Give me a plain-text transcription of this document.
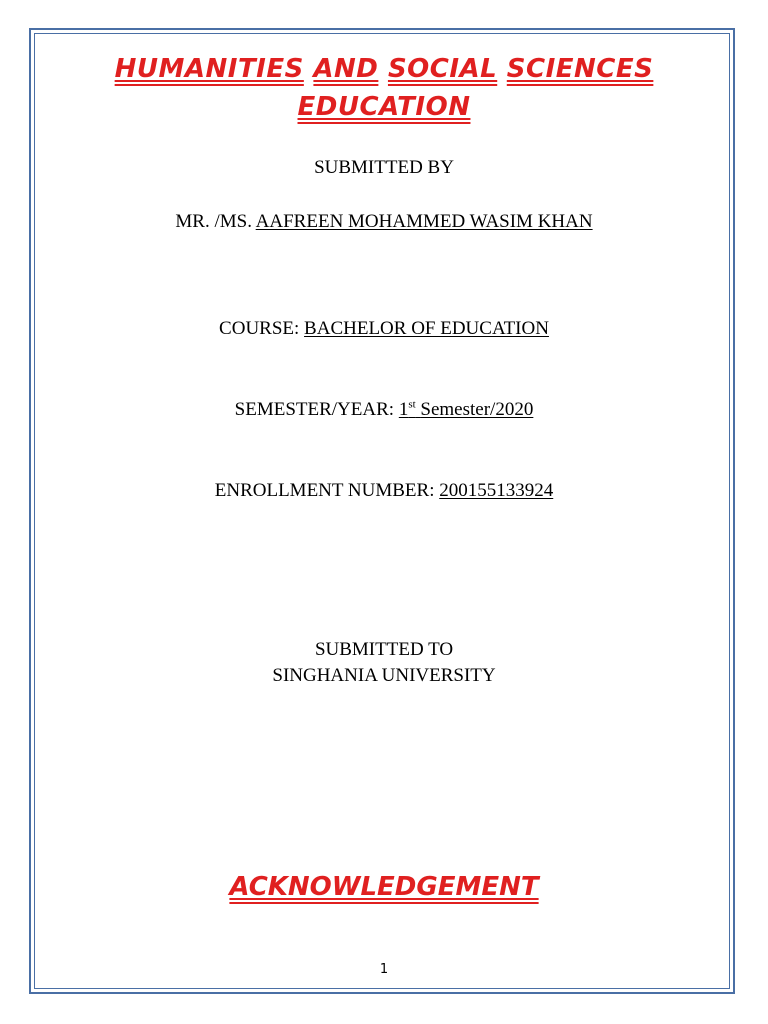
HUMANITIES AND SOCIAL SCIENCES
EDUCATION
SUBMITTED BY
MR. /MS. AAFREEN MOHAMMED WASIM KHAN
COURSE: BACHELOR OF EDUCATION
SEMESTER/YEAR: 1st Semester/2020
ENROLLMENT NUMBER: 200155133924
SUBMITTED TO
SINGHANIA UNIVERSITY
ACKNOWLEDGEMENT
1
